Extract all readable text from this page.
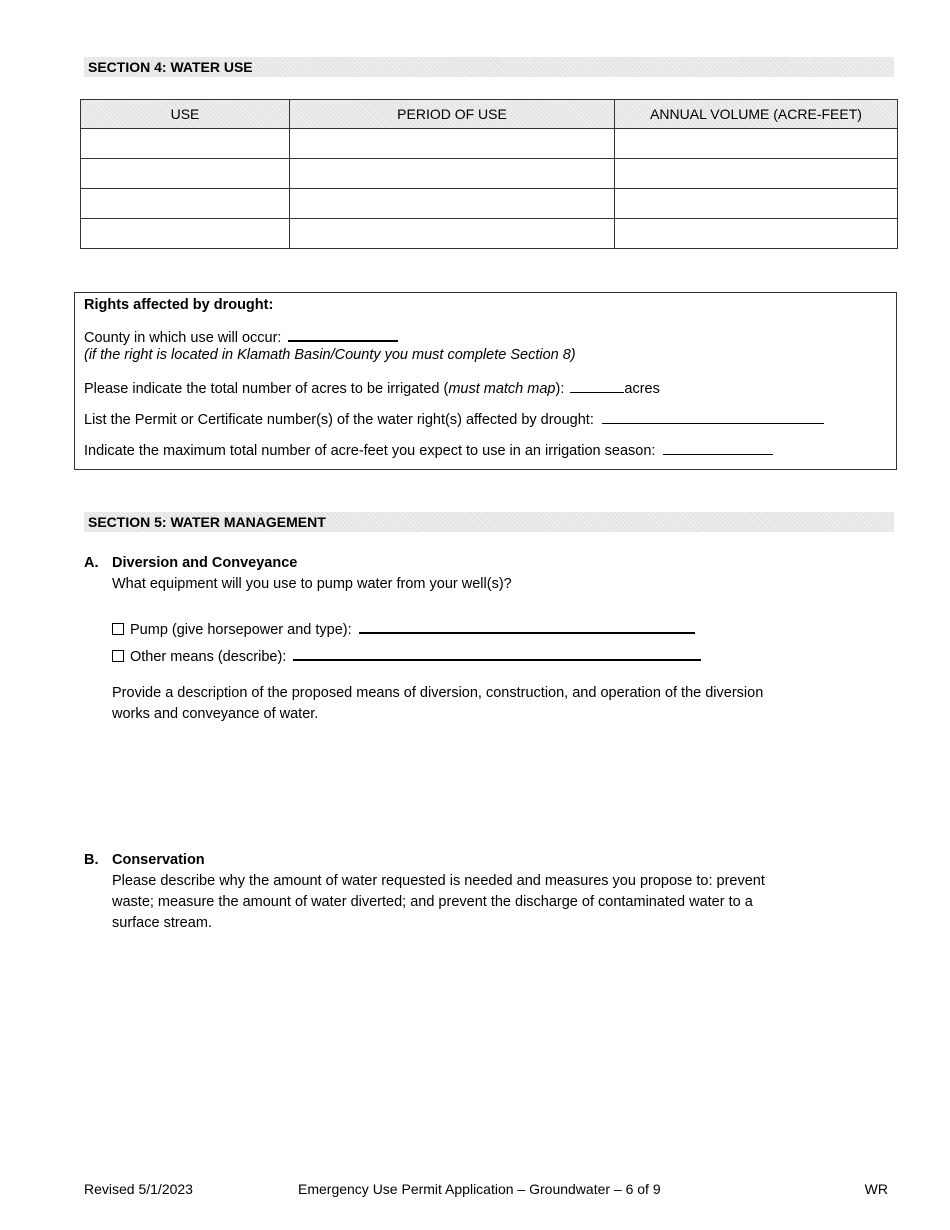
SECTION 4: WATER USE
USE	PERIOD OF USE	ANNUAL VOLUME (ACRE-FEET)

Rights affected by drought:
County in which use will occur:
(if the right is located in Klamath Basin/County you must complete Section 8)
Please indicate the total number of acres to be irrigated (must match map):	acres
List the Permit or Certificate number(s) of the water right(s) affected by drought:
Indicate the maximum total number of acre-feet you expect to use in an irrigation season:
SECTION 5: WATER MANAGEMENT
A. Diversion and Conveyance
What equipment will you use to pump water from your well(s)?
Pump (give horsepower and type):
Other means (describe):
Provide a description of the proposed means of diversion, construction, and operation of the diversion
works and conveyance of water.
B. Conservation
Please describe why the amount of water requested is needed and measures you propose to: prevent
waste; measure the amount of water diverted; and prevent the discharge of contaminated water to a
surface stream.
Revised 5/1/2023	Emergency Use Permit Application – Groundwater – 6 of 9	WR
